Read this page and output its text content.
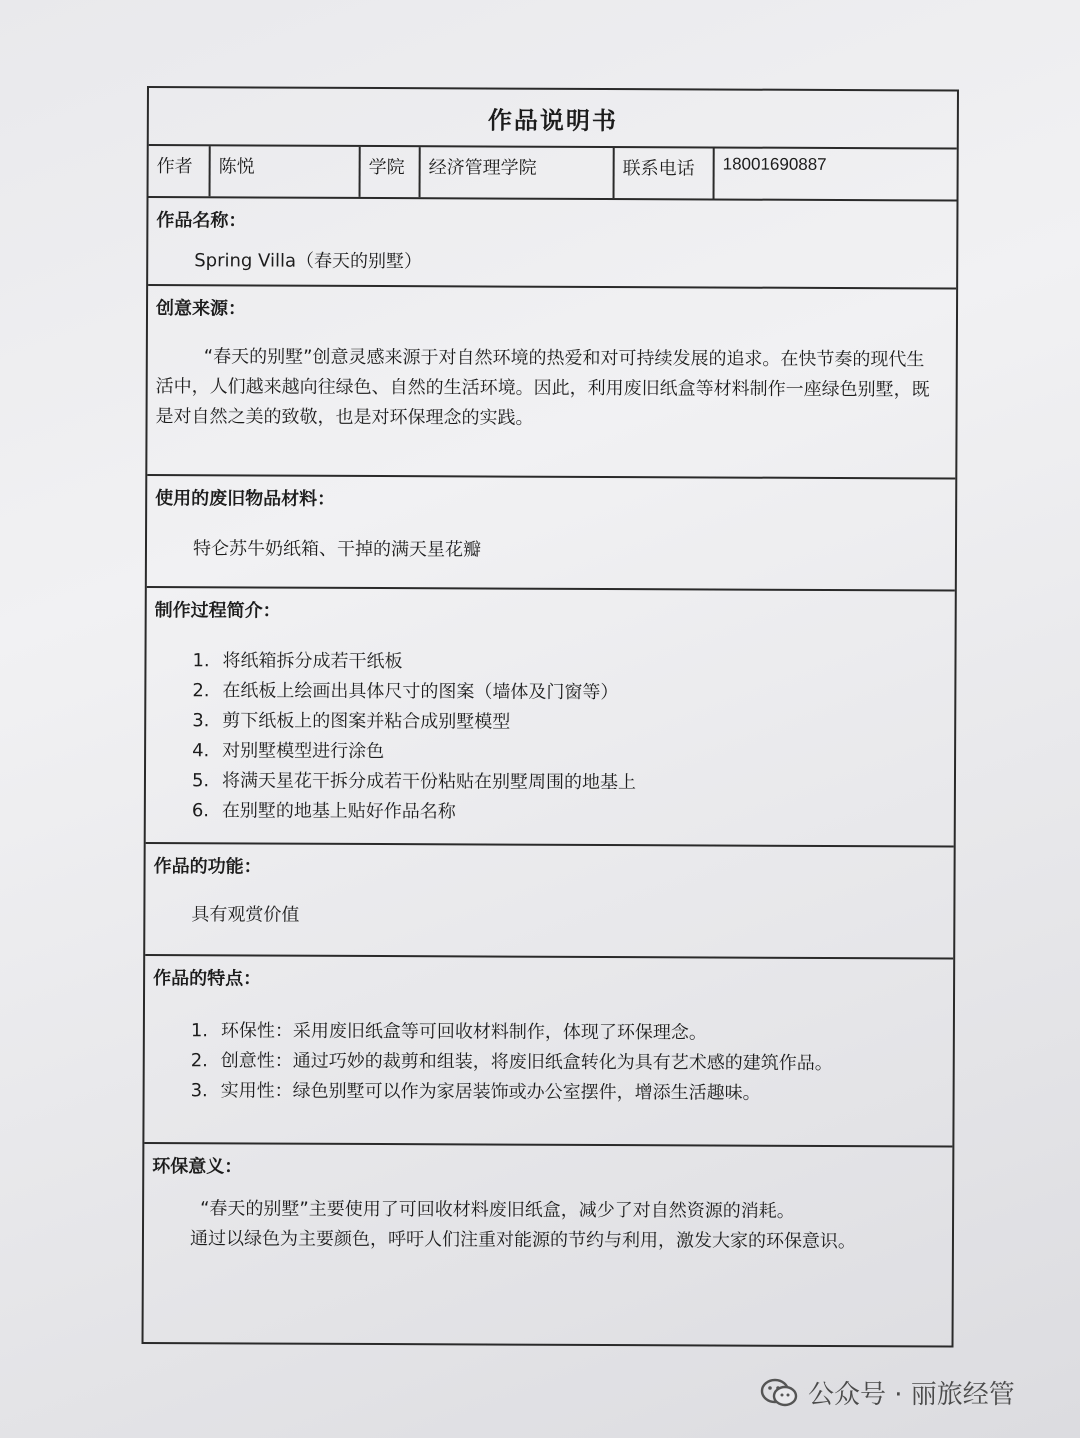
作品说明书
作者	陈悦	学院	经济管理学院	联系电话	18001690887
作品名称：
Spring Villa（春天的别墅）
创意来源：
“春天的别墅”创意灵感来源于对自然环境的热爱和对可持续发展的追求。在快节奏的现代生活中，人们越来越向往绿色、自然的生活环境。因此，利用废旧纸盒等材料制作一座绿色别墅，既是对自然之美的致敬，也是对环保理念的实践。
使用的废旧物品材料：
特仑苏牛奶纸箱、干掉的满天星花瓣
制作过程简介：
1. 将纸箱拆分成若干纸板
2. 在纸板上绘画出具体尺寸的图案（墙体及门窗等）
3. 剪下纸板上的图案并粘合成别墅模型
4. 对别墅模型进行涂色
5. 将满天星花干拆分成若干份粘贴在别墅周围的地基上
6. 在别墅的地基上贴好作品名称
作品的功能：
具有观赏价值
作品的特点：
1. 环保性：采用废旧纸盒等可回收材料制作，体现了环保理念。
2. 创意性：通过巧妙的裁剪和组装，将废旧纸盒转化为具有艺术感的建筑作品。
3. 实用性：绿色别墅可以作为家居装饰或办公室摆件，增添生活趣味。
环保意义：
“春天的别墅”主要使用了可回收材料废旧纸盒，减少了对自然资源的消耗。
通过以绿色为主要颜色，呼吁人们注重对能源的节约与利用，激发大家的环保意识。
公众号 · 丽旅经管
